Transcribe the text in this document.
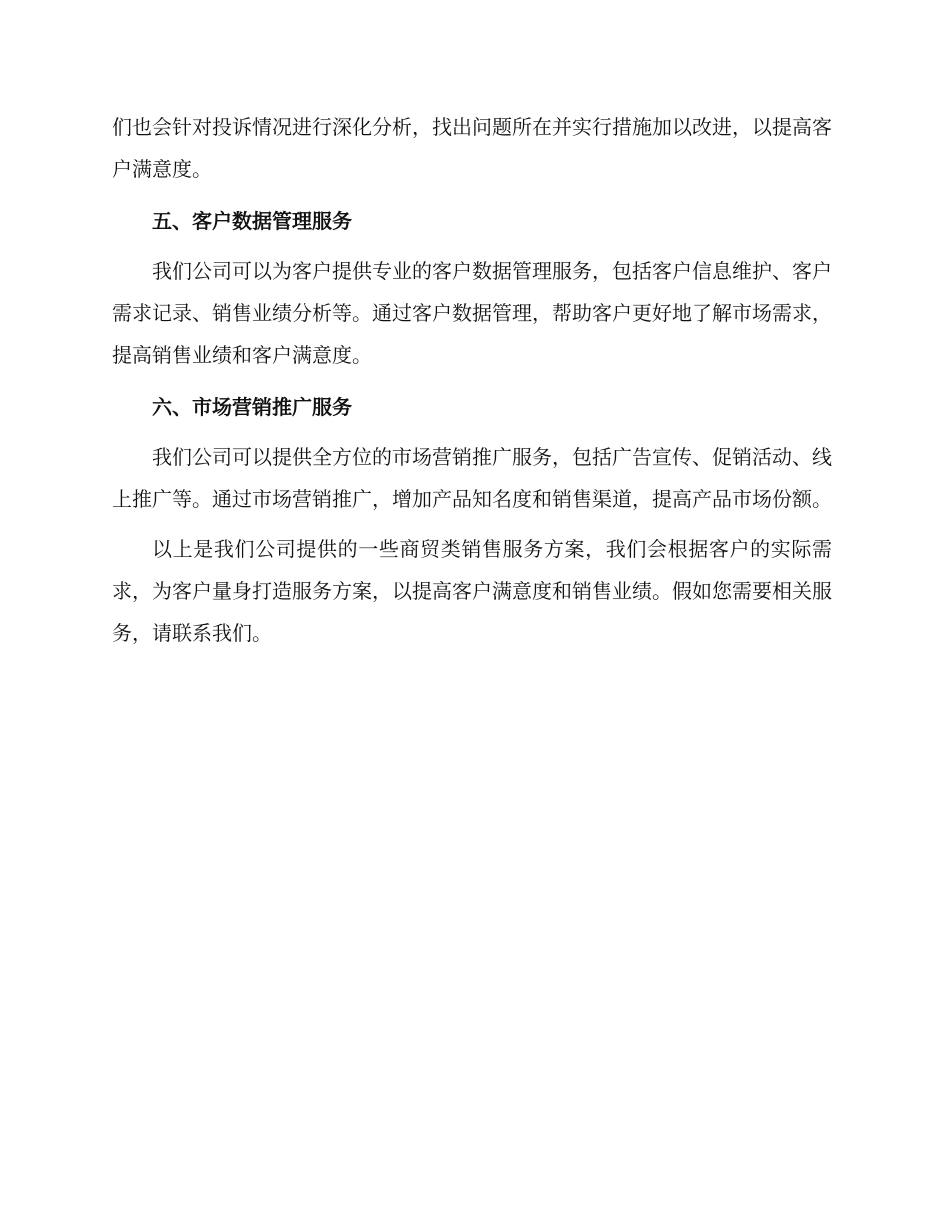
们也会针对投诉情况进行深化分析，找出问题所在并实行措施加以改进，以提高客户满意度。

五、客户数据管理服务

我们公司可以为客户提供专业的客户数据管理服务，包括客户信息维护、客户需求记录、销售业绩分析等。通过客户数据管理，帮助客户更好地了解市场需求，提高销售业绩和客户满意度。

六、市场营销推广服务

我们公司可以提供全方位的市场营销推广服务，包括广告宣传、促销活动、线上推广等。通过市场营销推广，增加产品知名度和销售渠道，提高产品市场份额。

以上是我们公司提供的一些商贸类销售服务方案，我们会根据客户的实际需求，为客户量身打造服务方案，以提高客户满意度和销售业绩。假如您需要相关服务，请联系我们。
